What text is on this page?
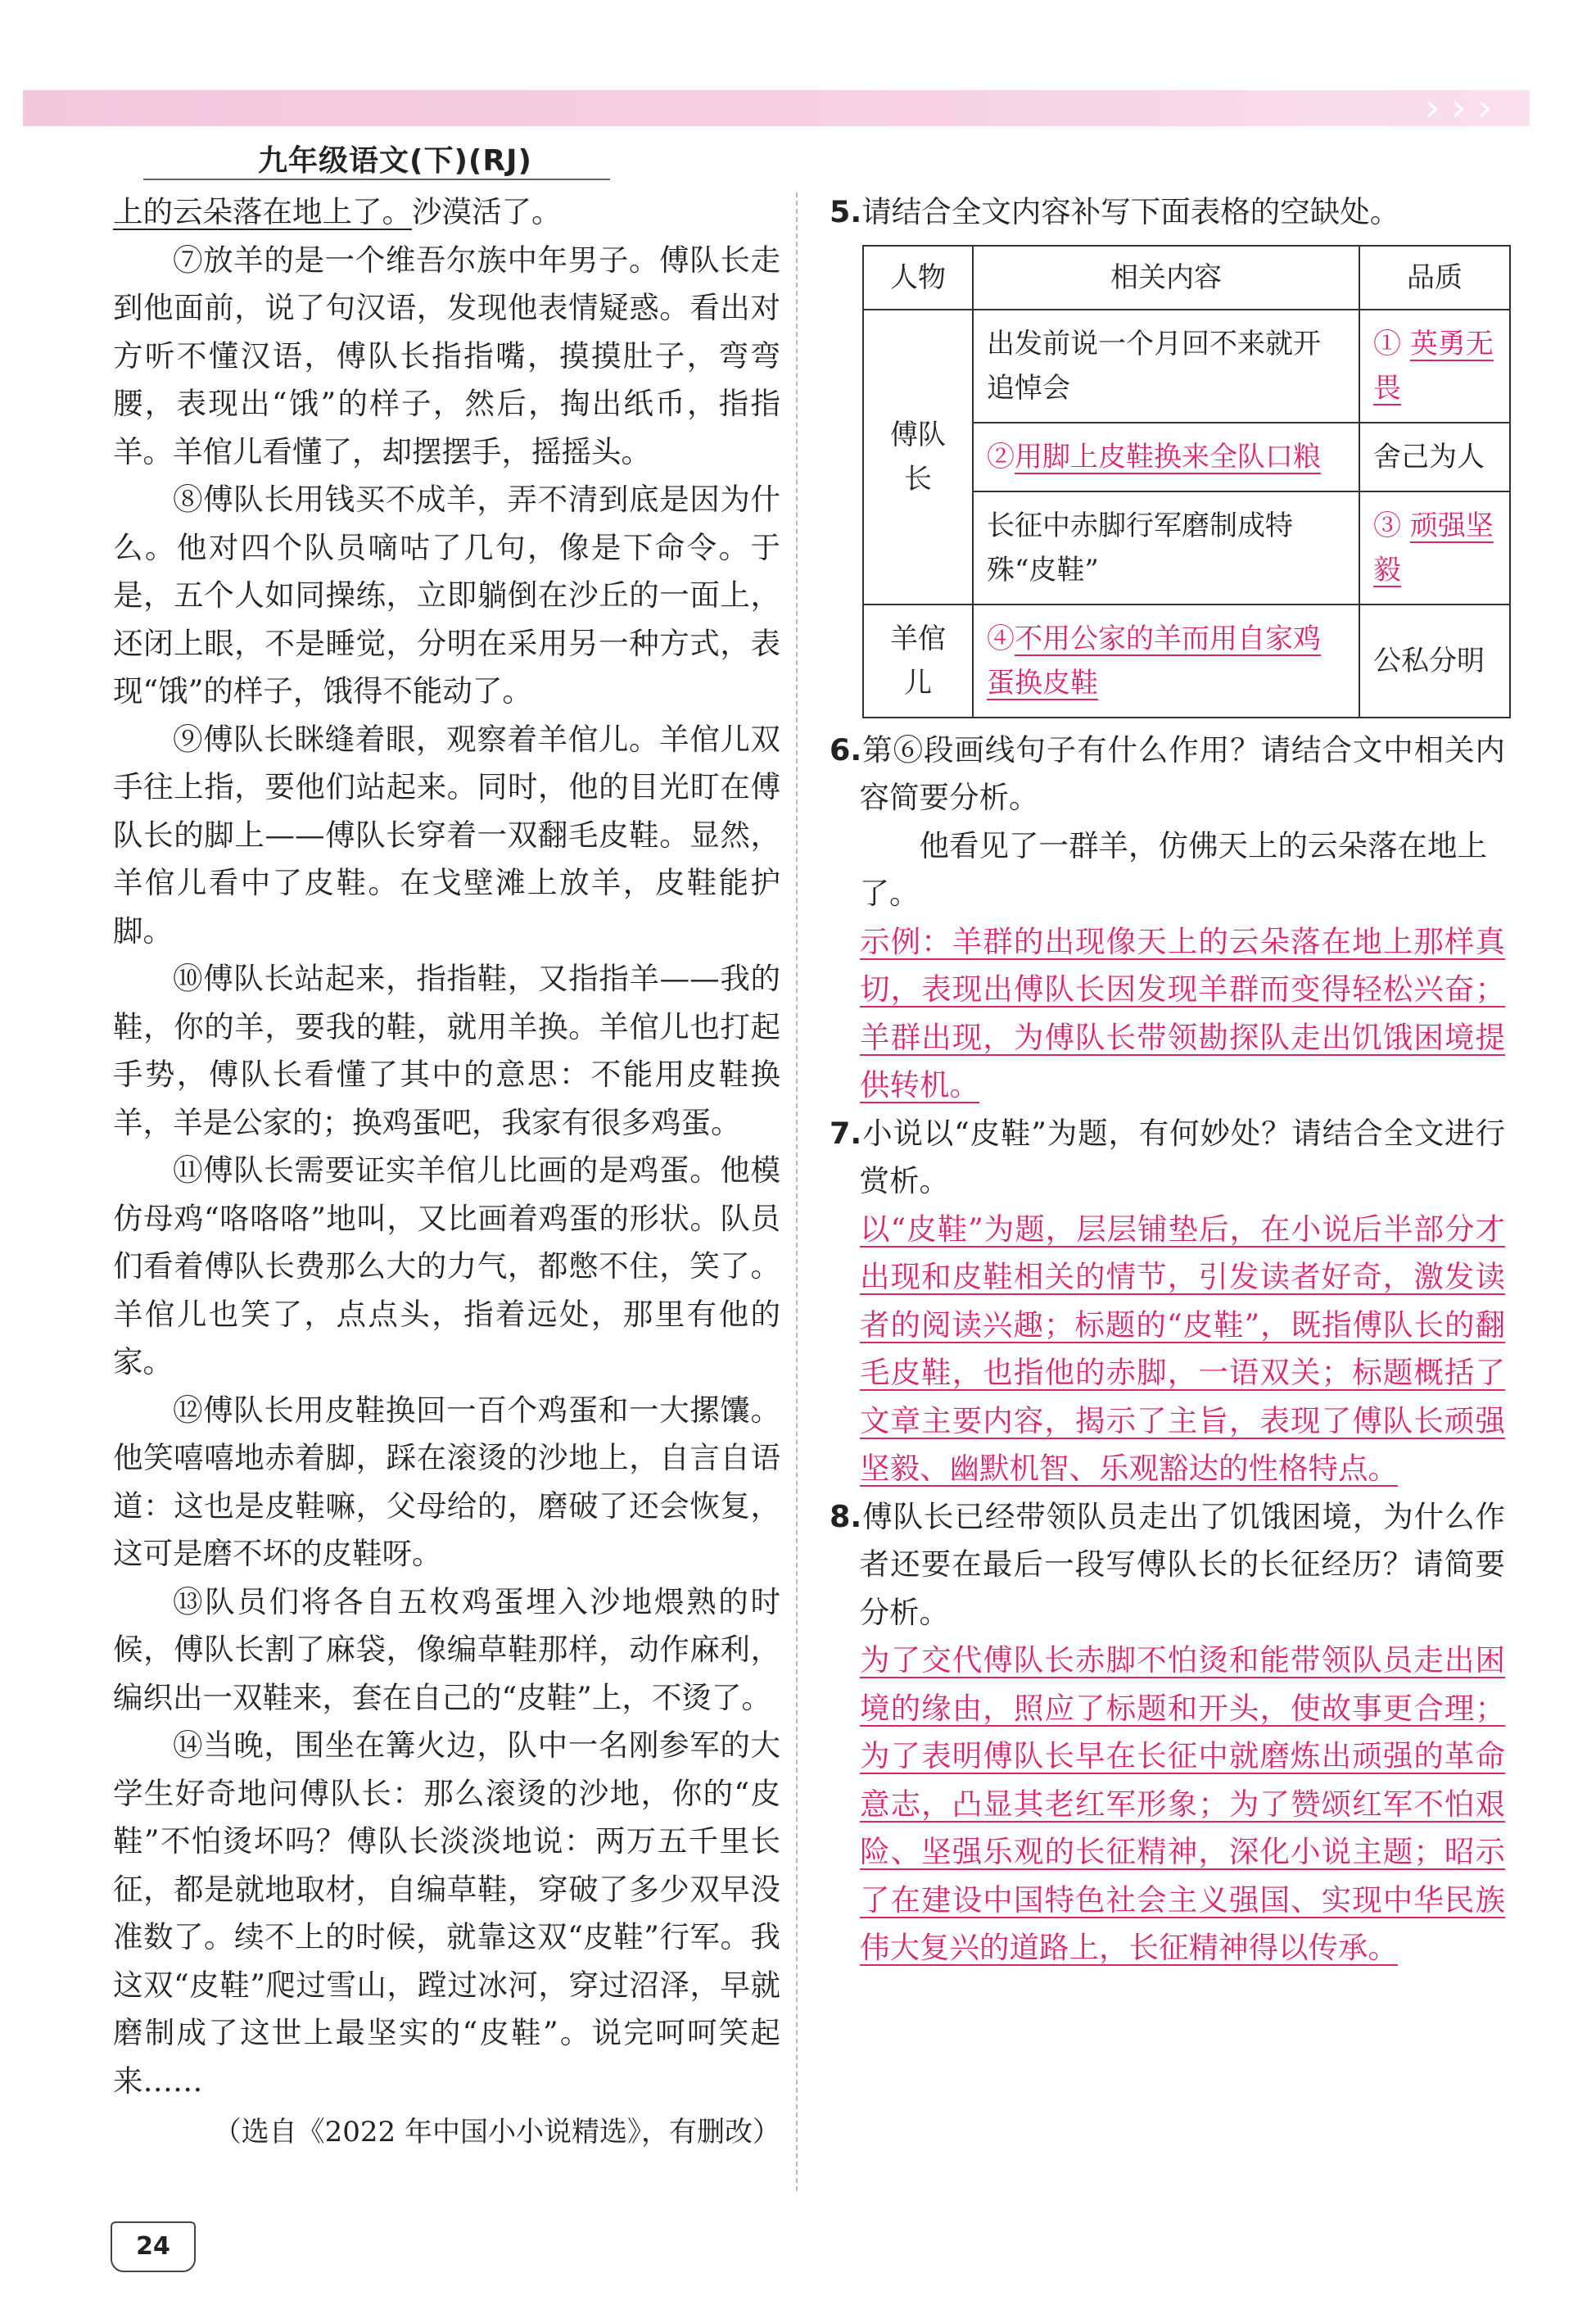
› › ›
九年级语文(下)(RJ)

上的云朵落在地上了。沙漠活了。

⑦放羊的是一个维吾尔族中年男子。傅队长走到他面前，说了句汉语，发现他表情疑惑。看出对方听不懂汉语，傅队长指指嘴，摸摸肚子，弯弯腰，表现出“饿”的样子，然后，掏出纸币，指指羊。羊倌儿看懂了，却摆摆手，摇摇头。

⑧傅队长用钱买不成羊，弄不清到底是因为什么。他对四个队员嘀咕了几句，像是下命令。于是，五个人如同操练，立即躺倒在沙丘的一面上，还闭上眼，不是睡觉，分明在采用另一种方式，表现“饿”的样子，饿得不能动了。

⑨傅队长眯缝着眼，观察着羊倌儿。羊倌儿双手往上指，要他们站起来。同时，他的目光盯在傅队长的脚上——傅队长穿着一双翻毛皮鞋。显然，羊倌儿看中了皮鞋。在戈壁滩上放羊，皮鞋能护脚。

⑩傅队长站起来，指指鞋，又指指羊——我的鞋，你的羊，要我的鞋，就用羊换。羊倌儿也打起手势，傅队长看懂了其中的意思：不能用皮鞋换羊，羊是公家的；换鸡蛋吧，我家有很多鸡蛋。

⑪傅队长需要证实羊倌儿比画的是鸡蛋。他模仿母鸡“咯咯咯”地叫，又比画着鸡蛋的形状。队员们看着傅队长费那么大的力气，都憋不住，笑了。羊倌儿也笑了，点点头，指着远处，那里有他的家。

⑫傅队长用皮鞋换回一百个鸡蛋和一大摞馕。他笑嘻嘻地赤着脚，踩在滚烫的沙地上，自言自语道：这也是皮鞋嘛，父母给的，磨破了还会恢复，这可是磨不坏的皮鞋呀。

⑬队员们将各自五枚鸡蛋埋入沙地煨熟的时候，傅队长割了麻袋，像编草鞋那样，动作麻利，编织出一双鞋来，套在自己的“皮鞋”上，不烫了。

⑭当晚，围坐在篝火边，队中一名刚参军的大学生好奇地问傅队长：那么滚烫的沙地，你的“皮鞋”不怕烫坏吗？傅队长淡淡地说：两万五千里长征，都是就地取材，自编草鞋，穿破了多少双早没准数了。续不上的时候，就靠这双“皮鞋”行军。我这双“皮鞋”爬过雪山，蹚过冰河，穿过沼泽，早就磨制成了这世上最坚实的“皮鞋”。说完呵呵笑起来……

（选自《2022 年中国小小说精选》，有删改）

5.请结合全文内容补写下面表格的空缺处。

人物	相关内容	品质
傅队长	出发前说一个月回不来就开追悼会	① 英勇无畏
	②用脚上皮鞋换来全队口粮	舍己为人
	长征中赤脚行军磨制成特殊“皮鞋”	③ 顽强坚毅
羊倌儿	④不用公家的羊而用自家鸡蛋换皮鞋	公私分明

6.第⑥段画线句子有什么作用？请结合文中相关内容简要分析。

他看见了一群羊，仿佛天上的云朵落在地上了。

示例：羊群的出现像天上的云朵落在地上那样真切，表现出傅队长因发现羊群而变得轻松兴奋；羊群出现，为傅队长带领勘探队走出饥饿困境提供转机。

7.小说以“皮鞋”为题，有何妙处？请结合全文进行赏析。

以“皮鞋”为题，层层铺垫后，在小说后半部分才出现和皮鞋相关的情节，引发读者好奇，激发读者的阅读兴趣；标题的“皮鞋”，既指傅队长的翻毛皮鞋，也指他的赤脚，一语双关；标题概括了文章主要内容，揭示了主旨，表现了傅队长顽强坚毅、幽默机智、乐观豁达的性格特点。

8.傅队长已经带领队员走出了饥饿困境，为什么作者还要在最后一段写傅队长的长征经历？请简要分析。

为了交代傅队长赤脚不怕烫和能带领队员走出困境的缘由，照应了标题和开头，使故事更合理；为了表明傅队长早在长征中就磨炼出顽强的革命意志，凸显其老红军形象；为了赞颂红军不怕艰险、坚强乐观的长征精神，深化小说主题；昭示了在建设中国特色社会主义强国、实现中华民族伟大复兴的道路上，长征精神得以传承。

24
